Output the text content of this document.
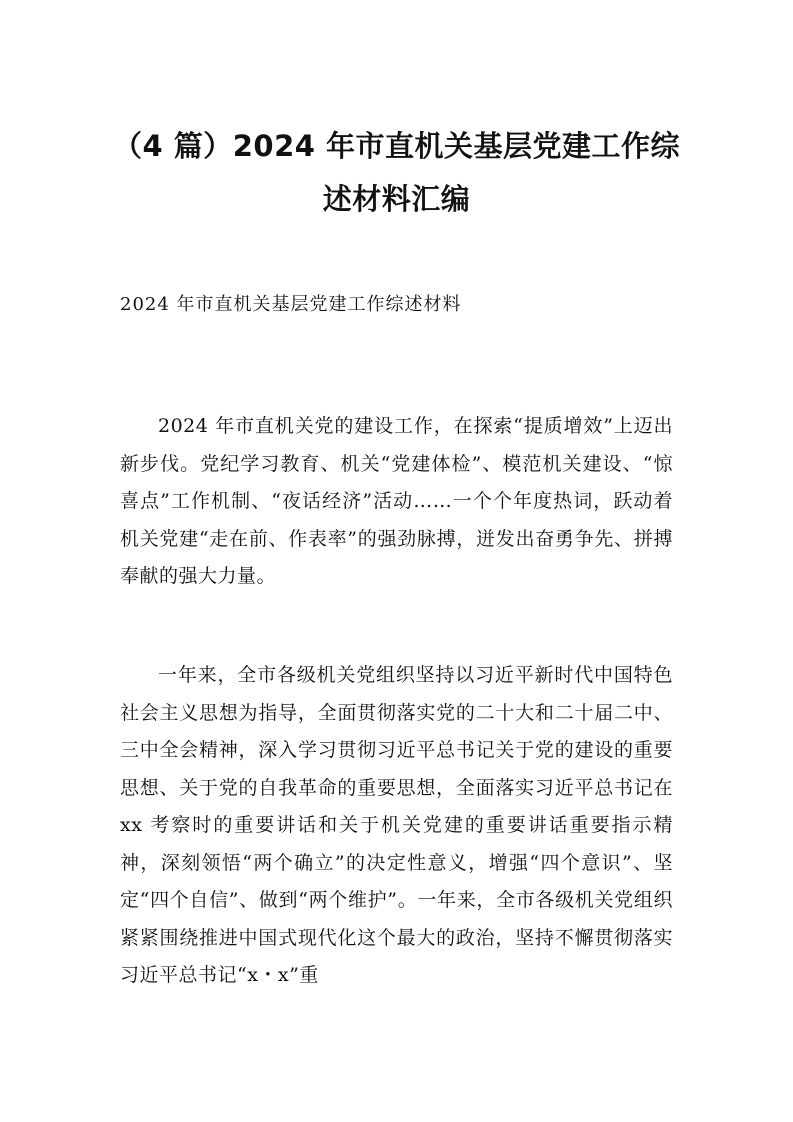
（4 篇）2024 年市直机关基层党建工作综述材料汇编

2024 年市直机关基层党建工作综述材料

2024 年市直机关党的建设工作，在探索“提质增效”上迈出新步伐。党纪学习教育、机关“党建体检”、模范机关建设、“惊喜点”工作机制、“夜话经济”活动……一个个年度热词，跃动着机关党建“走在前、作表率”的强劲脉搏，迸发出奋勇争先、拼搏奉献的强大力量。

一年来，全市各级机关党组织坚持以习近平新时代中国特色社会主义思想为指导，全面贯彻落实党的二十大和二十届二中、三中全会精神，深入学习贯彻习近平总书记关于党的建设的重要思想、关于党的自我革命的重要思想，全面落实习近平总书记在 xx 考察时的重要讲话和关于机关党建的重要讲话重要指示精神，深刻领悟“两个确立”的决定性意义，增强“四个意识”、坚定“四个自信”、做到“两个维护”。一年来，全市各级机关党组织紧紧围绕推进中国式现代化这个最大的政治，坚持不懈贯彻落实习近平总书记“x・x”重
